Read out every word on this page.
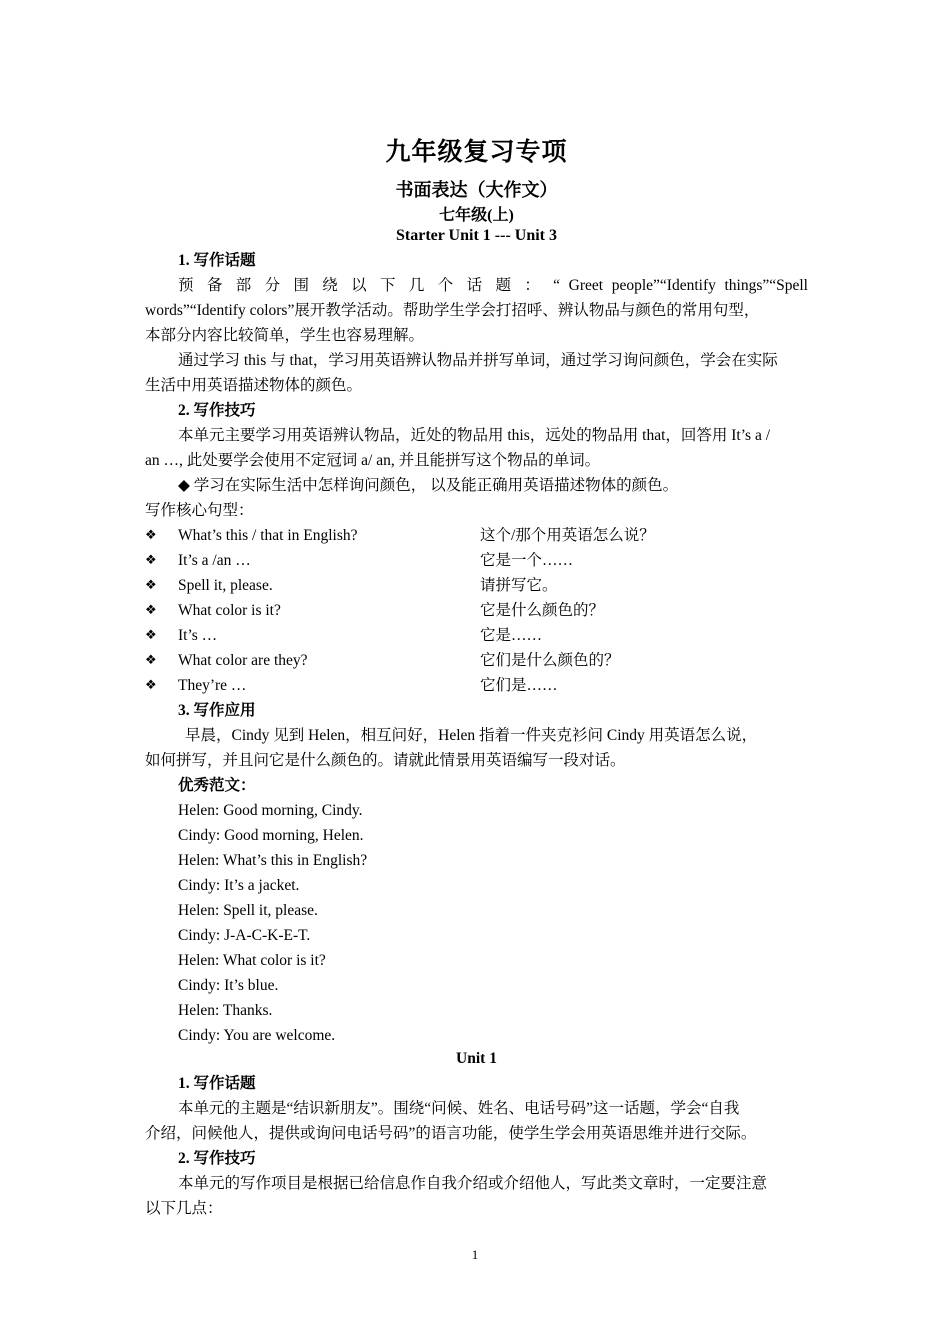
九年级复习专项
书面表达（大作文）
七年级(上)
Starter Unit 1 --- Unit 3
1. 写作话题
预 备 部 分 围 绕 以 下 几 个 话 题 ： “ Greet people”“Identify things”“Spell
words”“Identify colors”展开教学活动。帮助学生学会打招呼、辨认物品与颜色的常用句型，
本部分内容比较简单，学生也容易理解。
通过学习 this 与 that，学习用英语辨认物品并拼写单词，通过学习询问颜色，学会在实际
生活中用英语描述物体的颜色。
2. 写作技巧
本单元主要学习用英语辨认物品，近处的物品用 this，远处的物品用 that，回答用 It’s a /
an …, 此处要学会使用不定冠词 a/ an, 并且能拼写这个物品的单词。
◆ 学习在实际生活中怎样询问颜色， 以及能正确用英语描述物体的颜色。
写作核心句型：
❖	What’s this / that in English?	这个/那个用英语怎么说？
❖	It’s a /an …	它是一个……
❖	Spell it, please.	请拼写它。
❖	What color is it?	它是什么颜色的？
❖	It’s …	它是……
❖	What color are they?	它们是什么颜色的？
❖	They’re …	它们是……
3. 写作应用
早晨，Cindy 见到 Helen，相互问好，Helen 指着一件夹克衫问 Cindy 用英语怎么说，
如何拼写，并且问它是什么颜色的。请就此情景用英语编写一段对话。
优秀范文：
Helen: Good morning, Cindy.
Cindy: Good morning, Helen.
Helen: What’s this in English?
Cindy: It’s a jacket.
Helen: Spell it, please.
Cindy: J-A-C-K-E-T.
Helen: What color is it?
Cindy: It’s blue.
Helen: Thanks.
Cindy: You are welcome.
Unit 1
1. 写作话题
本单元的主题是“结识新朋友”。围绕“问候、姓名、电话号码”这一话题，学会“自我
介绍，问候他人，提供或询问电话号码”的语言功能，使学生学会用英语思维并进行交际。
2. 写作技巧
本单元的写作项目是根据已给信息作自我介绍或介绍他人，写此类文章时，一定要注意
以下几点：
1
